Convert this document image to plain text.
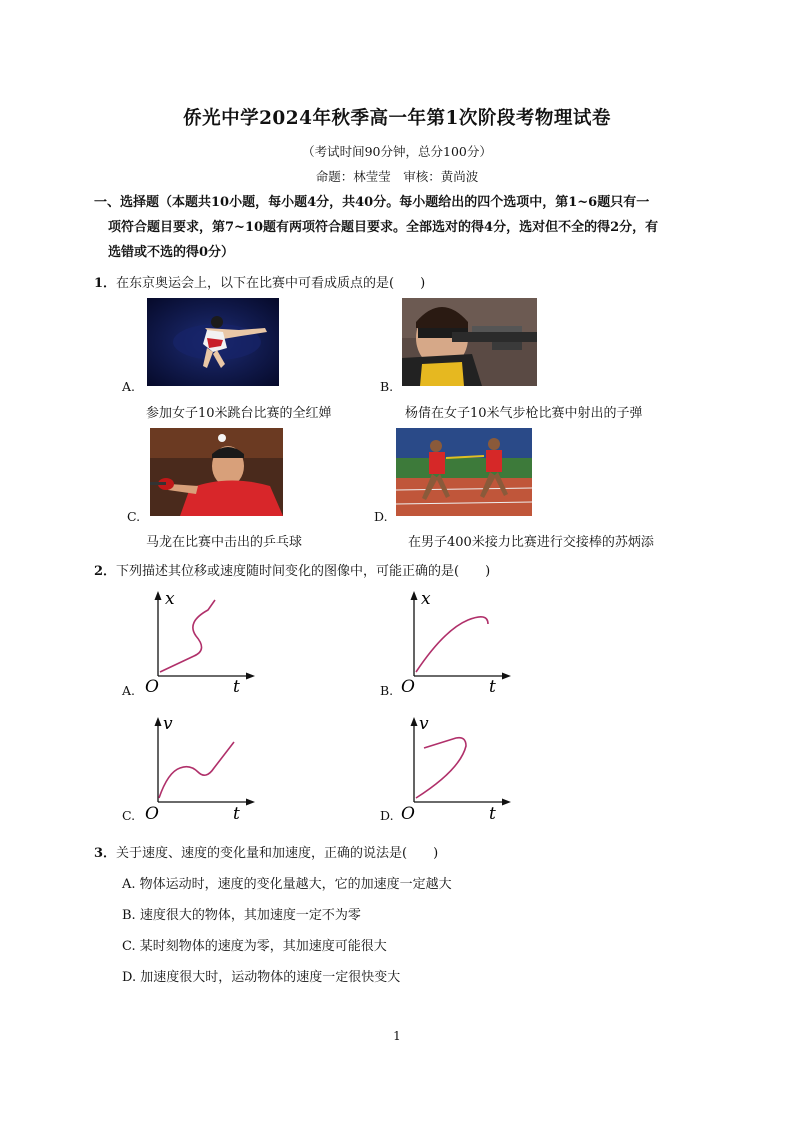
侨光中学2024年秋季高一年第1次阶段考物理试卷
（考试时间90分钟，总分100分）
命题：林莹莹　审核：黄尚波
一、选择题（本题共10小题，每小题4分，共40分。每小题给出的四个选项中，第1~6题只有一
项符合题目要求，第7~10题有两项符合题目要求。全部选对的得4分，选对但不全的得2分，有
选错或不选的得0分）
1．在东京奥运会上，以下在比赛中可看成质点的是(　　)
A.
参加女子10米跳台比赛的全红婵
B.
杨倩在女子10米气步枪比赛中射出的子弹
C.
马龙在比赛中击出的乒乓球
D.
在男子400米接力比赛进行交接棒的苏炳添
2．下列描述其位移或速度随时间变化的图像中，可能正确的是(　　)
x
O	t
A.
x
O	t
B.
v
O	t
C.
v
O	t
D.
3．关于速度、速度的变化量和加速度，正确的说法是(　　)
A. 物体运动时，速度的变化量越大，它的加速度一定越大
B. 速度很大的物体，其加速度一定不为零
C. 某时刻物体的速度为零，其加速度可能很大
D. 加速度很大时，运动物体的速度一定很快变大
1
